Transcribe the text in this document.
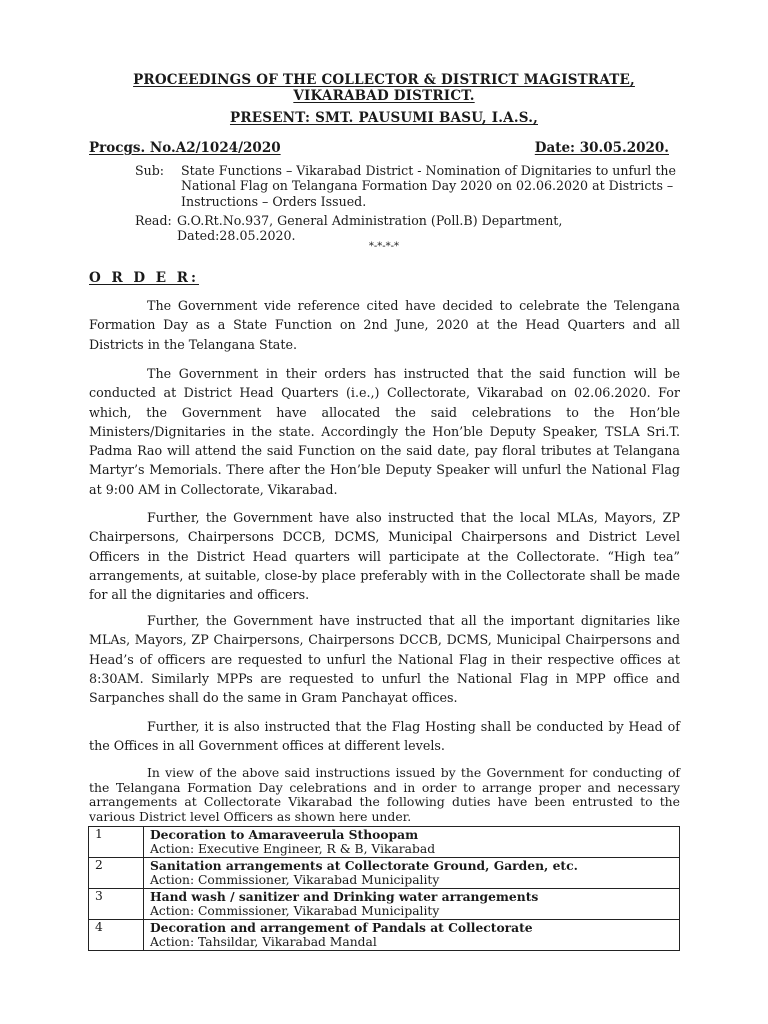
PROCEEDINGS OF THE COLLECTOR & DISTRICT MAGISTRATE,
VIKARABAD DISTRICT.
PRESENT: SMT. PAUSUMI BASU, I.A.S.,
Procgs. No.A2/1024/2020	Date: 30.05.2020.
Sub:	State Functions – Vikarabad District - Nomination of Dignitaries to unfurl the National Flag on Telangana Formation Day 2020 on 02.06.2020 at Districts – Instructions – Orders Issued.
Read: G.O.Rt.No.937, General Administration (Poll.B) Department, Dated:28.05.2020.
*-*-*-*
O R D E R:

The Government vide reference cited have decided to celebrate the Telengana Formation Day as a State Function on 2nd June, 2020 at the Head Quarters and all Districts in the Telangana State.

The Government in their orders has instructed that the said function will be conducted at District Head Quarters (i.e.,) Collectorate, Vikarabad on 02.06.2020. For which, the Government have allocated the said celebrations to the Hon’ble Ministers/Dignitaries in the state. Accordingly the Hon’ble Deputy Speaker, TSLA Sri.T. Padma Rao will attend the said Function on the said date, pay floral tributes at Telangana Martyr’s Memorials. There after the Hon’ble Deputy Speaker will unfurl the National Flag at 9:00 AM in Collectorate, Vikarabad.

Further, the Government have also instructed that the local MLAs, Mayors, ZP Chairpersons, Chairpersons DCCB, DCMS, Municipal Chairpersons and District Level Officers in the District Head quarters will participate at the Collectorate. “High tea” arrangements, at suitable, close-by place preferably with in the Collectorate shall be made for all the dignitaries and officers.

Further, the Government have instructed that all the important dignitaries like MLAs, Mayors, ZP Chairpersons, Chairpersons DCCB, DCMS, Municipal Chairpersons and Head’s of officers are requested to unfurl the National Flag in their respective offices at 8:30AM. Similarly MPPs are requested to unfurl the National Flag in MPP office and Sarpanches shall do the same in Gram Panchayat offices.

Further, it is also instructed that the Flag Hosting shall be conducted by Head of the Offices in all Government offices at different levels.

In view of the above said instructions issued by the Government for conducting of the Telangana Formation Day celebrations and in order to arrange proper and necessary arrangements at Collectorate Vikarabad the following duties have been entrusted to the various District level Officers as shown here under.

1	Decoration to Amaraveerula Sthoopam
Action: Executive Engineer, R & B, Vikarabad

2	Sanitation arrangements at Collectorate Ground, Garden, etc.
Action: Commissioner, Vikarabad Municipality

3	Hand wash / sanitizer and Drinking water arrangements
Action: Commissioner, Vikarabad Municipality

4	Decoration and arrangement of Pandals at Collectorate
Action: Tahsildar, Vikarabad Mandal
